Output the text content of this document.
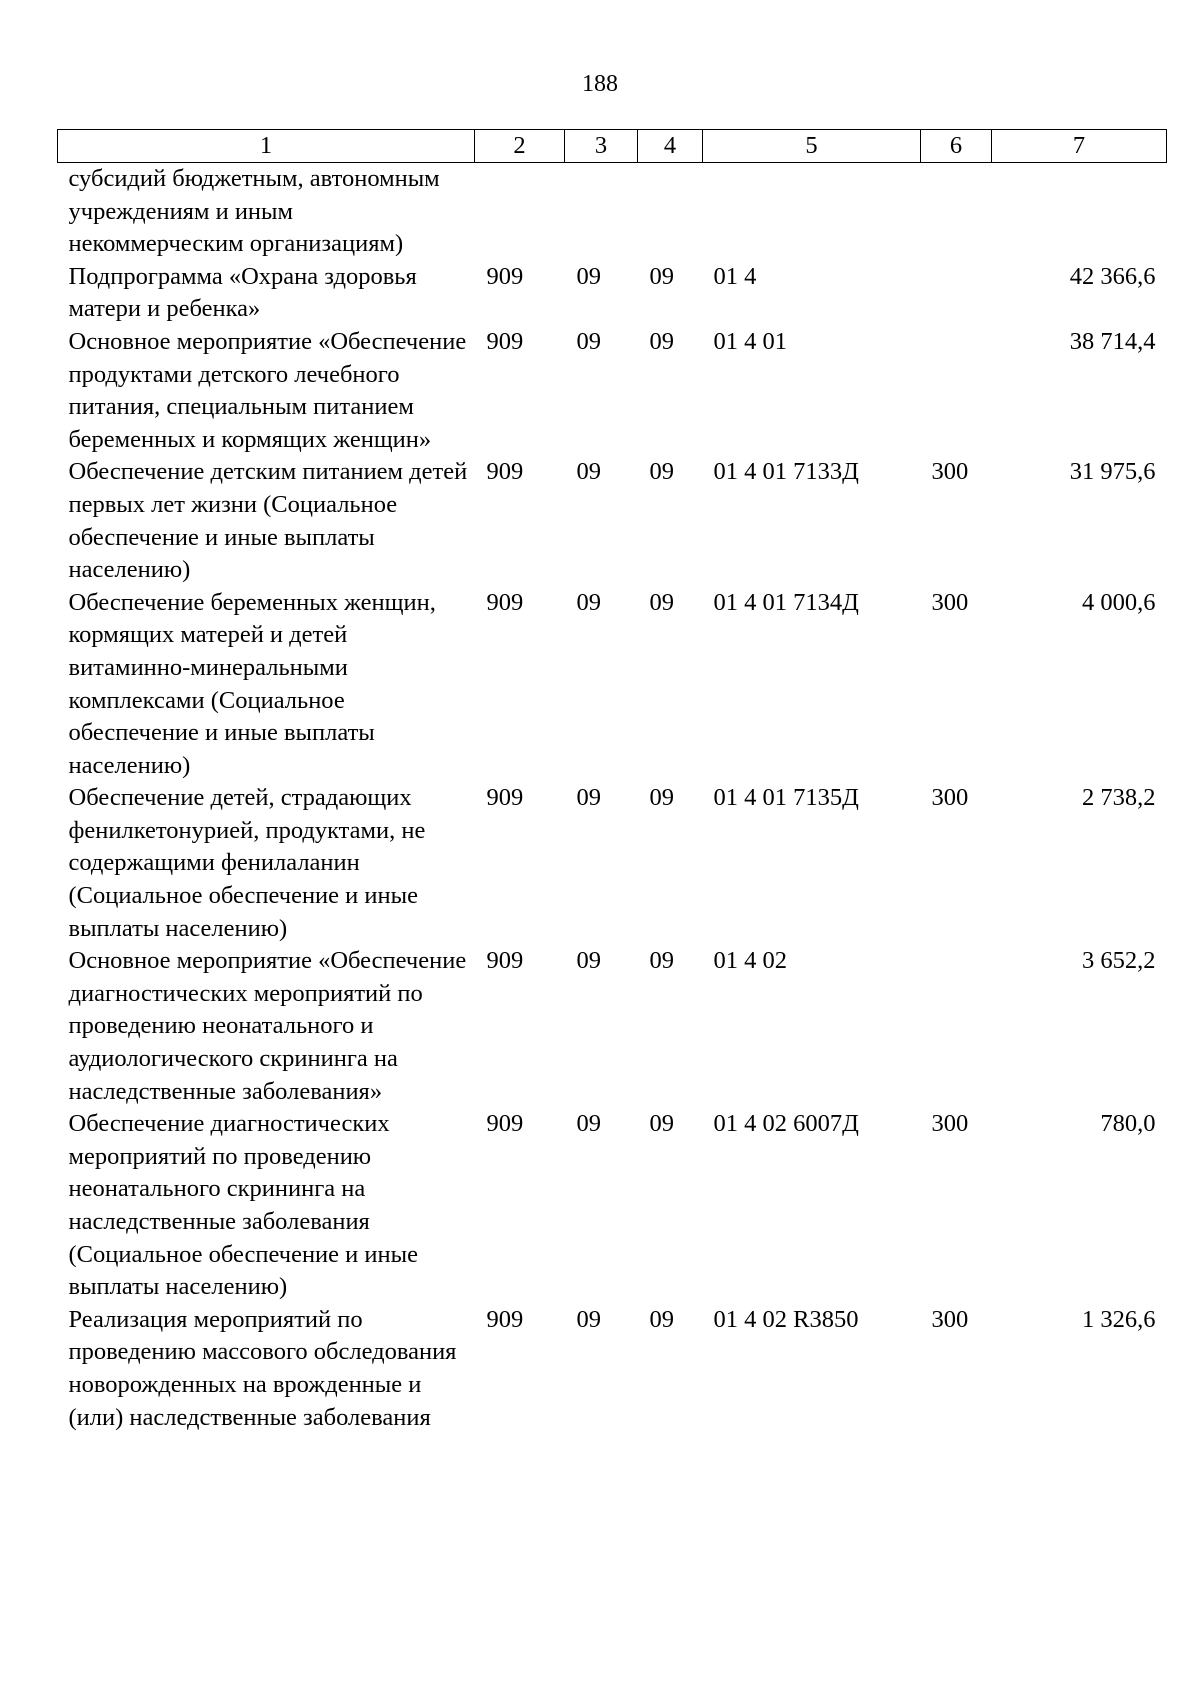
188
1	2	3	4	5	6	7
субсидий бюджетным, автономным учреждениям и иным некоммерческим организациям)						
Подпрограмма «Охрана здоровья матери и ребенка»	909	09	09	01 4		42 366,6
Основное мероприятие «Обеспечение продуктами детского лечебного питания, специальным питанием беременных и кормящих женщин»	909	09	09	01 4 01		38 714,4
Обеспечение детским питанием детей первых лет жизни (Социальное обеспечение и иные выплаты населению)	909	09	09	01 4 01 7133Д	300	31 975,6
Обеспечение беременных женщин, кормящих матерей и детей витаминно-минеральными комплексами (Социальное обеспечение и иные выплаты населению)	909	09	09	01 4 01 7134Д	300	4 000,6
Обеспечение детей, страдающих фенилкетонурией, продуктами, не содержащими фенилаланин (Социальное обеспечение и иные выплаты населению)	909	09	09	01 4 01 7135Д	300	2 738,2
Основное мероприятие «Обеспечение диагностических мероприятий по проведению неонатального и аудиологического скрининга на наследственные заболевания»	909	09	09	01 4 02		3 652,2
Обеспечение диагностических мероприятий по проведению неонатального скрининга на наследственные заболевания (Социальное обеспечение и иные выплаты населению)	909	09	09	01 4 02 6007Д	300	780,0
Реализация мероприятий по проведению массового обследования новорожденных на врожденные и (или) наследственные заболевания	909	09	09	01 4 02 R3850	300	1 326,6
